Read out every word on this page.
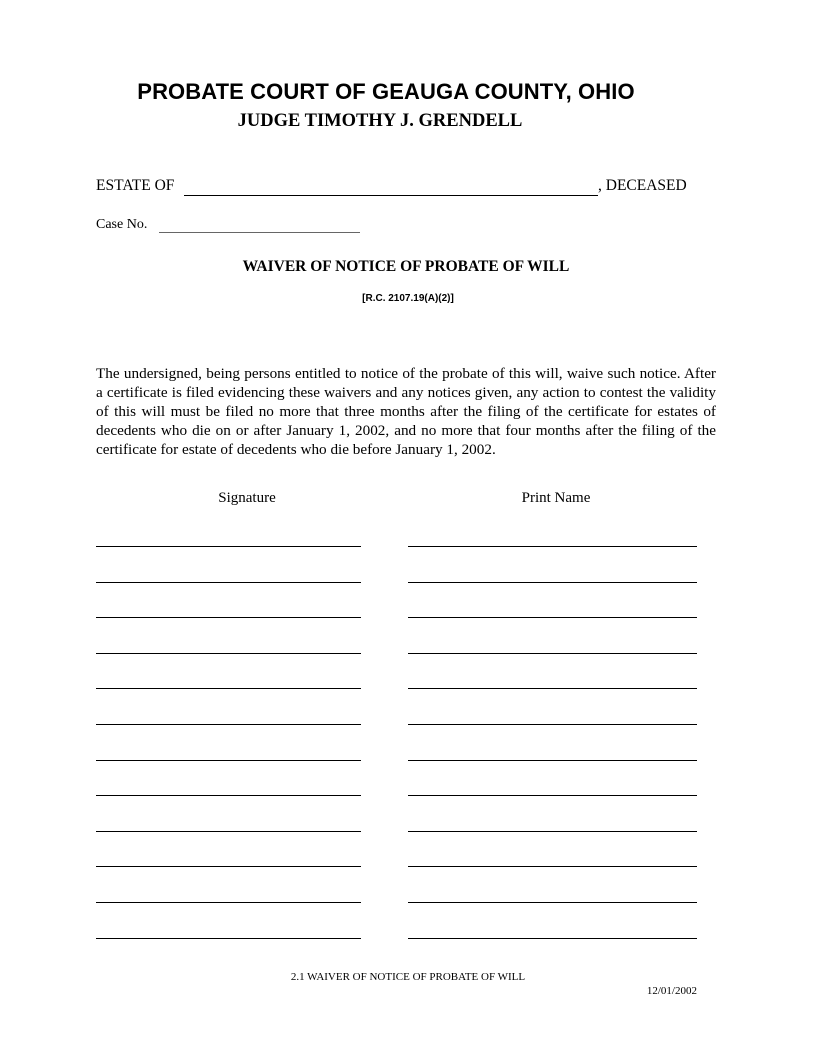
PROBATE COURT OF GEAUGA COUNTY, OHIO
JUDGE TIMOTHY J. GRENDELL
ESTATE OF	, DECEASED
Case No.
WAIVER OF NOTICE OF PROBATE OF WILL
[R.C. 2107.19(A)(2)]
The undersigned, being persons entitled to notice of the probate of this will, waive such notice. After a certificate is filed evidencing these waivers and any notices given, any action to contest the validity of this will must be filed no more that three months after the filing of the certificate for estates of decedents who die on or after January 1, 2002, and no more that four months after the filing of the certificate for estate of decedents who die before January 1, 2002.
Signature	Print Name
2.1 WAIVER OF NOTICE OF PROBATE OF WILL
12/01/2002
